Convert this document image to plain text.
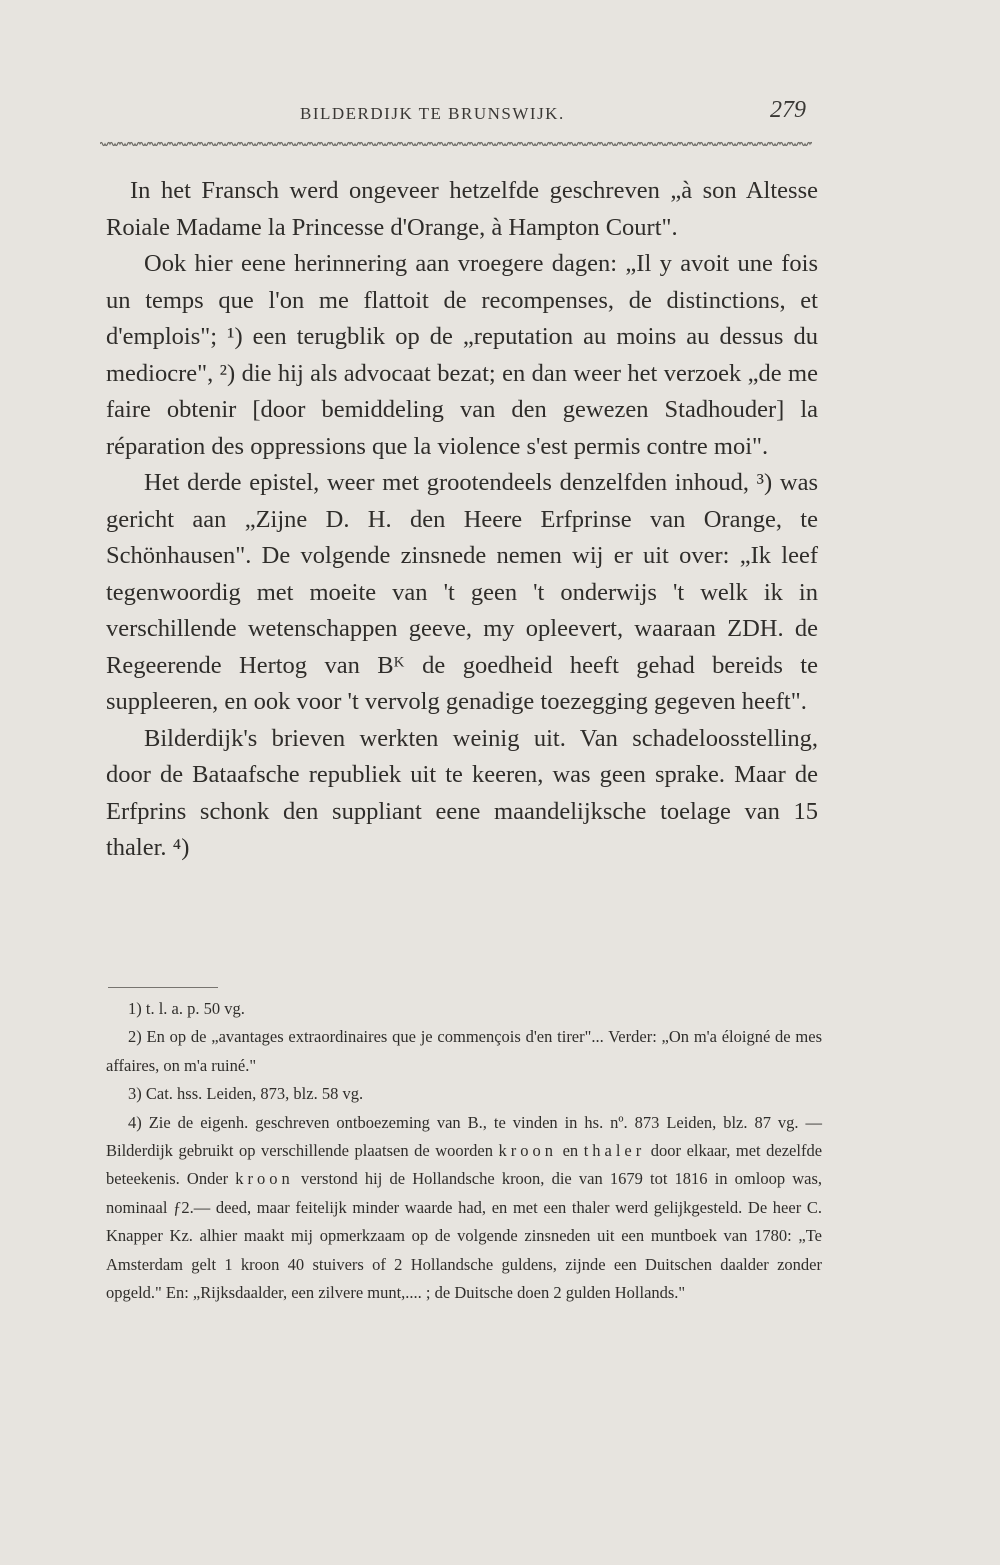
BILDERDIJK TE BRUNSWIJK.	279

In het Fransch werd ongeveer hetzelfde geschreven „à son Altesse Roiale Madame la Princesse d'Orange, à Hampton Court".

Ook hier eene herinnering aan vroegere dagen: „Il y avoit une fois un temps que l'on me flattoit de recompenses, de distinctions, et d'emplois"; ¹) een terugblik op de „reputation au moins au dessus du mediocre", ²) die hij als advocaat bezat; en dan weer het verzoek „de me faire obtenir [door bemiddeling van den gewezen Stadhouder] la réparation des oppressions que la violence s'est permis contre moi".

Het derde epistel, weer met grootendeels denzelfden inhoud, ³) was gericht aan „Zijne D. H. den Heere Erfprinse van Orange, te Schönhausen". De volgende zinsnede nemen wij er uit over: „Ik leef tegenwoordig met moeite van 't geen 't onderwijs 't welk ik in verschillende wetenschappen geeve, my opleevert, waaraan ZDH. de Regeerende Hertog van Bᴷ de goedheid heeft gehad bereids te suppleeren, en ook voor 't vervolg genadige toezegging gegeven heeft".

Bilderdijk's brieven werkten weinig uit. Van schadeloosstelling, door de Bataafsche republiek uit te keeren, was geen sprake. Maar de Erfprins schonk den suppliant eene maandelijksche toelage van 15 thaler. ⁴)

1) t. l. a. p. 50 vg.

2) En op de „avantages extraordinaires que je commençois d'en tirer"... Verder: „On m'a éloigné de mes affaires, on m'a ruiné."

3) Cat. hss. Leiden, 873, blz. 58 vg.

4) Zie de eigenh. geschreven ontboezeming van B., te vinden in hs. nº. 873 Leiden, blz. 87 vg. — Bilderdijk gebruikt op verschillende plaatsen de woorden kroon en thaler door elkaar, met dezelfde beteekenis. Onder kroon verstond hij de Hollandsche kroon, die van 1679 tot 1816 in omloop was, nominaal ƒ2.— deed, maar feitelijk minder waarde had, en met een thaler werd gelijkgesteld. De heer C. Knapper Kz. alhier maakt mij opmerkzaam op de volgende zinsneden uit een muntboek van 1780: „Te Amsterdam gelt 1 kroon 40 stuivers of 2 Hollandsche guldens, zijnde een Duitschen daalder zonder opgeld." En: „Rijksdaalder, een zilvere munt,.... ; de Duitsche doen 2 gulden Hollands."
